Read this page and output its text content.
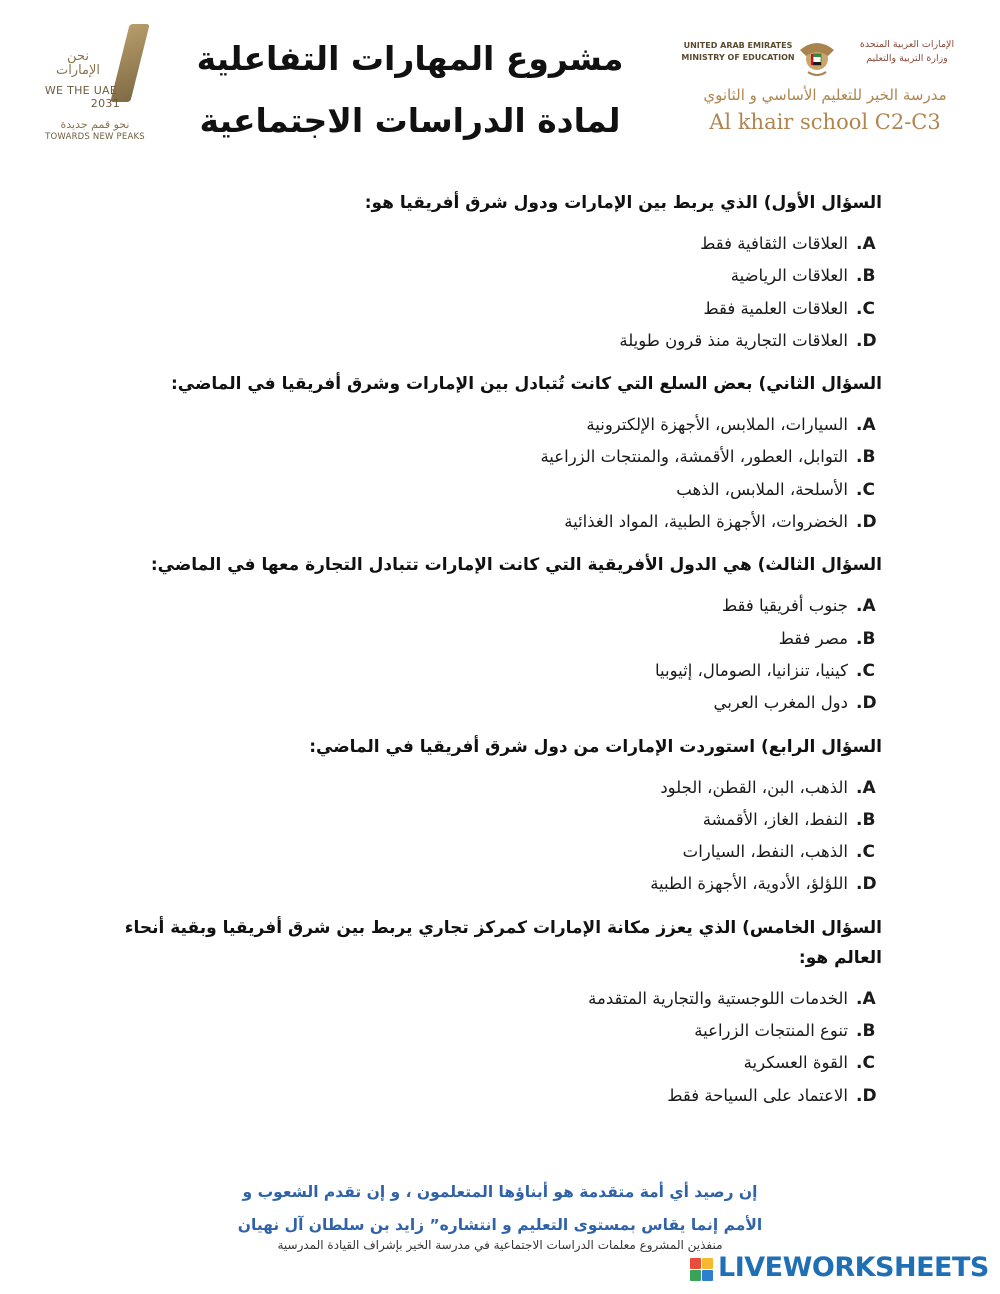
نحن
الإمارات
WE THE UAE
2031
نحو قمم جديدة
TOWARDS NEW PEAKS
مشروع المهارات التفاعلية
لمادة الدراسات الاجتماعية
UNITED ARAB EMIRATES
MINISTRY OF EDUCATION
الإمارات العربية المتحدة
وزارة التربية والتعليم
مدرسة الخير للتعليم الأساسي و الثانوي
Al khair school C2-C3
السؤال الأول) الذي يربط بين الإمارات ودول شرق أفريقيا هو:
A.العلاقات الثقافية فقط
B.العلاقات الرياضية
C.العلاقات العلمية فقط
D.العلاقات التجارية منذ قرون طويلة
السؤال الثاني) بعض السلع التي كانت تُتبادل بين الإمارات وشرق أفريقيا في الماضي:
A.السيارات، الملابس، الأجهزة الإلكترونية
B.التوابل، العطور، الأقمشة، والمنتجات الزراعية
C.الأسلحة، الملابس، الذهب
D.الخضروات، الأجهزة الطبية، المواد الغذائية
السؤال الثالث) هي الدول الأفريقية التي كانت الإمارات تتبادل التجارة معها في الماضي:
A.جنوب أفريقيا فقط
B.مصر فقط
C.كينيا، تنزانيا، الصومال، إثيوبيا
D.دول المغرب العربي
السؤال الرابع) استوردت الإمارات من دول شرق أفريقيا في الماضي:
A.الذهب، البن، القطن، الجلود
B.النفط، الغاز، الأقمشة
C.الذهب، النفط، السيارات
D.اللؤلؤ، الأدوية، الأجهزة الطبية
السؤال الخامس) الذي يعزز مكانة الإمارات كمركز تجاري يربط بين شرق أفريقيا وبقية أنحاء العالم هو:
A.الخدمات اللوجستية والتجارية المتقدمة
B.تنوع المنتجات الزراعية
C.القوة العسكرية
D.الاعتماد على السياحة فقط
إن رصيد أي أمة متقدمة هو أبناؤها المتعلمون ، و إن تقدم الشعوب و
الأمم إنما يقاس بمستوى التعليم و انتشاره” زايد بن سلطان آل نهيان
منفذين المشروع معلمات الدراسات الاجتماعية في مدرسة الخير بإشراف القيادة المدرسية
LIVEWORKSHEETS
